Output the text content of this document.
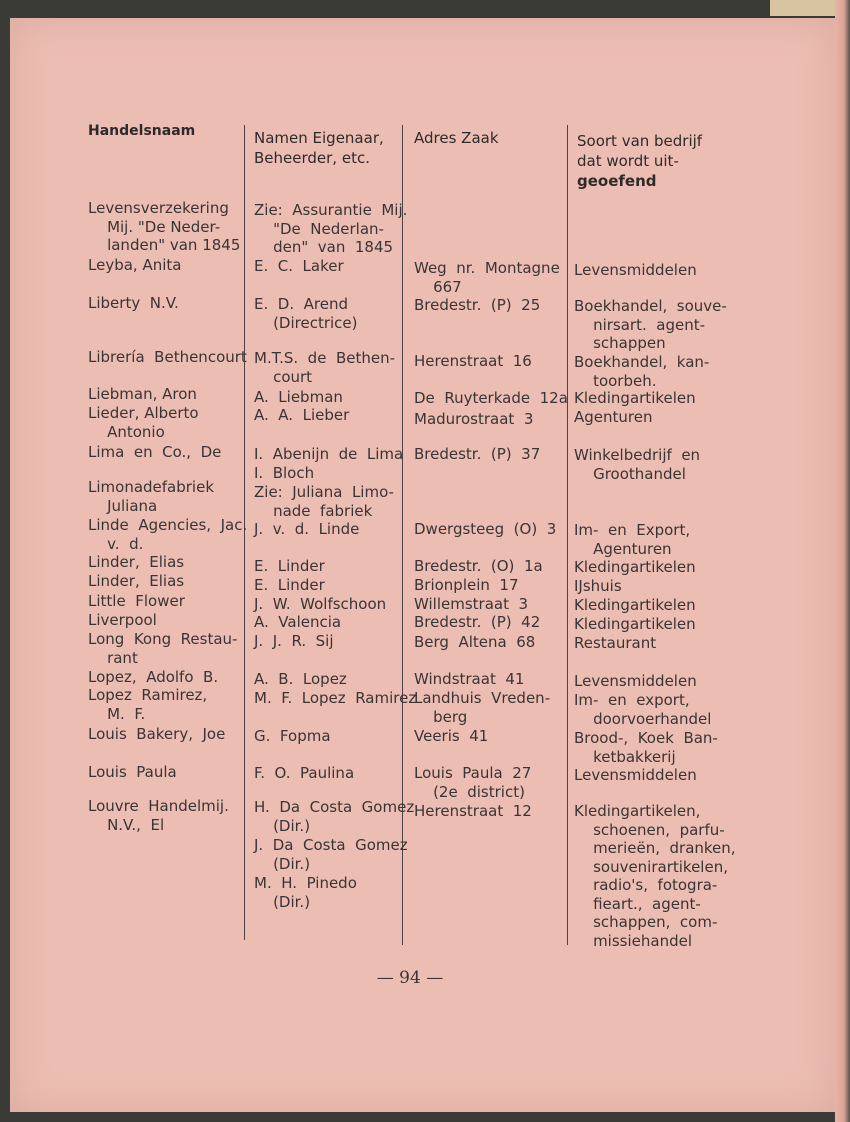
Handelsnaam	Namen Eigenaar,
Beheerder, etc.
Adres Zaak	Soort van bedrijf
dat wordt uit-
geoefend
Levensverzekering
Mij. "De Neder-
landen" van 1845
Leyba, Anita
Liberty  N.V.
Librería  Bethencourt
Liebman, Aron
Lieder, Alberto
Antonio
Lima  en  Co.,  De
Limonadefabriek
Juliana
Linde  Agencies,  Jac.
v.  d.
Linder,  Elias
Linder,  Elias
Little  Flower
Liverpool
Long  Kong  Restau-
rant
Lopez,  Adolfo  B.
Lopez  Ramirez,
M.  F.
Louis  Bakery,  Joe
Louis  Paula
Louvre  Handelmij.
N.V.,  El
Zie:  Assurantie  Mij.
"De  Nederlan-
den"  van  1845
E.  C.  Laker
E.  D.  Arend
(Directrice)
M.T.S.  de  Bethen-
court
A.  Liebman
A.  A.  Lieber
I.  Abenijn  de  Lima
I.  Bloch
Zie:  Juliana  Limo-
nade  fabriek
J.  v.  d.  Linde
E.  Linder
E.  Linder
J.  W.  Wolfschoon
A.  Valencia
J.  J.  R.  Sij
A.  B.  Lopez
M.  F.  Lopez  Ramirez
G.  Fopma
F.  O.  Paulina
H.  Da  Costa  Gomez
(Dir.)
J.  Da  Costa  Gomez
(Dir.)
M.  H.  Pinedo
(Dir.)
Weg  nr.  Montagne
667
Bredestr.  (P)  25
Herenstraat  16
De  Ruyterkade  12a
Madurostraat  3
Bredestr.  (P)  37
Dwergsteeg  (O)  3
Bredestr.  (O)  1a
Brionplein  17
Willemstraat  3
Bredestr.  (P)  42
Berg  Altena  68
Windstraat  41
Landhuis  Vreden-
berg
Veeris  41
Louis  Paula  27
(2e  district)
Herenstraat  12
Levensmiddelen
Boekhandel,  souve-
nirsart.  agent-
schappen
Boekhandel,  kan-
toorbeh.
Kledingartikelen
Agenturen
Winkelbedrijf  en
Groothandel
Im-  en  Export,
Agenturen
Kledingartikelen
IJshuis
Kledingartikelen
Kledingartikelen
Restaurant
Levensmiddelen
Im-  en  export,
doorvoerhandel
Brood-,  Koek  Ban-
ketbakkerij
Levensmiddelen
Kledingartikelen,
schoenen,  parfu-
merieën,  dranken,
souvenirartikelen,
radio's,  fotogra-
fieart.,  agent-
schappen,  com-
missiehandel
— 94 —
